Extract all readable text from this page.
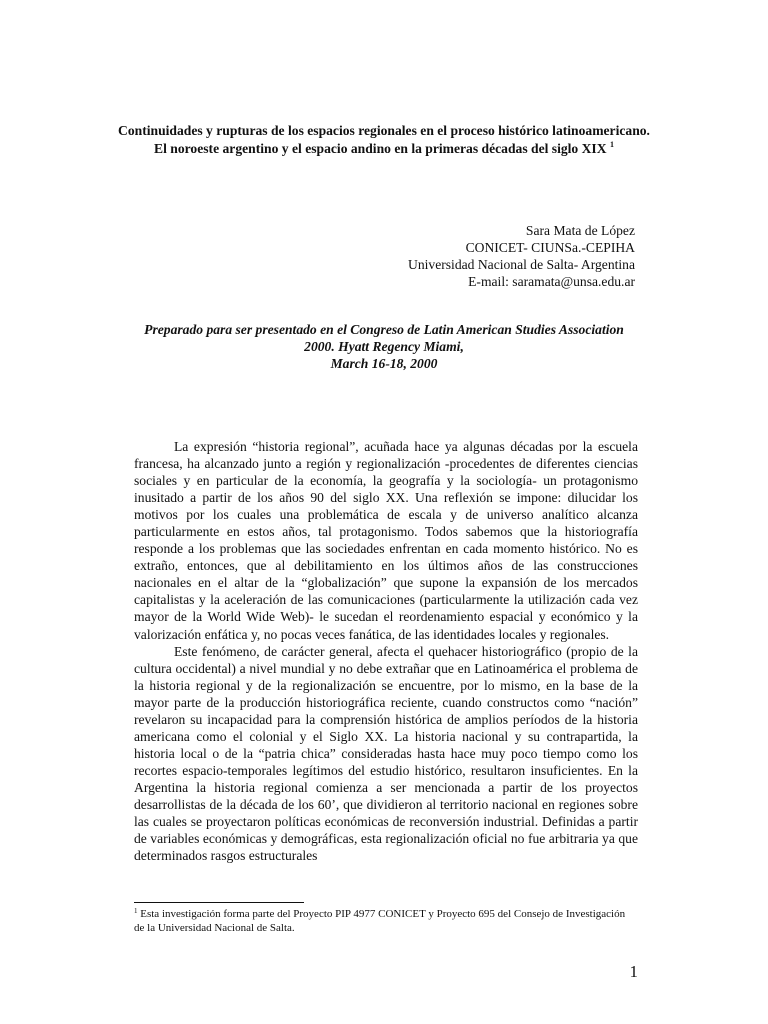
Continuidades y rupturas de los espacios regionales en el proceso histórico latinoamericano. El noroeste argentino y el espacio andino en la primeras décadas del siglo XIX $^1$
Sara Mata de López
CONICET- CIUNSa.-CEPIHA
Universidad Nacional de Salta- Argentina
E-mail: saramata@unsa.edu.ar
Preparado para ser presentado en el Congreso de Latin American Studies Association
2000. Hyatt Regency Miami,
March 16-18, 2000

La expresión “historia regional”, acuñada hace ya algunas décadas por la escuela francesa, ha alcanzado junto a región y regionalización -procedentes de diferentes ciencias sociales y en particular de la economía, la geografía y la sociología- un protagonismo inusitado a partir de los años 90 del siglo XX. Una reflexión se impone: dilucidar los motivos por los cuales una problemática de escala y de universo analítico alcanza particularmente en estos años, tal protagonismo. Todos sabemos que la historiografía responde a los problemas que las sociedades enfrentan en cada momento histórico. No es extraño, entonces, que al debilitamiento en los últimos años de las construcciones nacionales en el altar de la “globalización” que supone la expansión de los mercados capitalistas y la aceleración de las comunicaciones (particularmente la utilización cada vez mayor de la World Wide Web)- le sucedan el reordenamiento espacial y económico y la valorización enfática y, no pocas veces fanática, de las identidades locales y regionales.

Este fenómeno, de carácter general, afecta el quehacer historiográfico (propio de la cultura occidental) a nivel mundial y no debe extrañar que en Latinoamérica el problema de la historia regional y de la regionalización se encuentre, por lo mismo, en la base de la mayor parte de la producción historiográfica reciente, cuando constructos como “nación” revelaron su incapacidad para la comprensión histórica de amplios períodos de la historia americana como el colonial y el Siglo XX. La historia nacional y su contrapartida, la historia local o de la “patria chica” consideradas hasta hace muy poco tiempo como los recortes espacio-temporales legítimos del estudio histórico, resultaron insuficientes. En la Argentina la historia regional comienza a ser mencionada a partir de los proyectos desarrollistas de la década de los 60’, que dividieron al territorio nacional en regiones sobre las cuales se proyectaron políticas económicas de reconversión industrial. Definidas a partir de variables económicas y demográficas, esta regionalización oficial no fue arbitraria ya que determinados rasgos estructurales

$^1$ Esta investigación forma parte del Proyecto PIP 4977 CONICET y Proyecto 695 del Consejo de Investigación de la Universidad Nacional de Salta.
1
